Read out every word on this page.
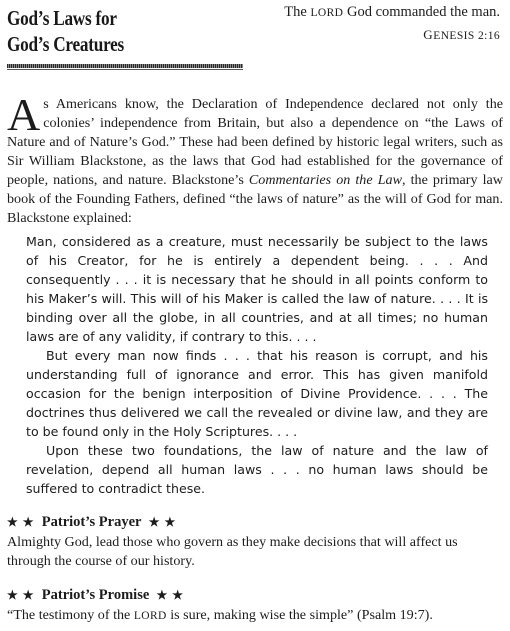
God’s Laws for
God’s Creatures
The LORD God commanded the man.
GENESIS 2:16
As Americans know, the Declaration of Independence declared not only the colonies’ independence from Britain, but also a dependence on “the Laws of Nature and of Nature’s God.” These had been defined by historic legal writers, such as Sir William Blackstone, as the laws that God had established for the governance of people, nations, and nature. Blackstone’s Commentaries on the Law, the primary law book of the Founding Fathers, defined “the laws of nature” as the will of God for man. Blackstone explained:

Man, considered as a creature, must necessarily be subject to the laws of his Creator, for he is entirely a dependent being. . . . And consequently . . . it is necessary that he should in all points conform to his Maker’s will. This will of his Maker is called the law of nature. . . . It is binding over all the globe, in all countries, and at all times; no human laws are of any validity, if contrary to this. . . .

But every man now finds . . . that his reason is corrupt, and his understanding full of ignorance and error. This has given manifold occasion for the benign interposition of Divine Providence. . . . The doctrines thus delivered we call the revealed or divine law, and they are to be found only in the Holy Scriptures. . . .

Upon these two foundations, the law of nature and the law of revelation, depend all human laws . . . no human laws should be suffered to contradict these.

★ ★ Patriot’s Prayer ★ ★
Almighty God, lead those who govern as they make decisions that will affect us through the course of our history.
★ ★ Patriot’s Promise ★ ★
“The testimony of the LORD is sure, making wise the simple” (Psalm 19:7).
